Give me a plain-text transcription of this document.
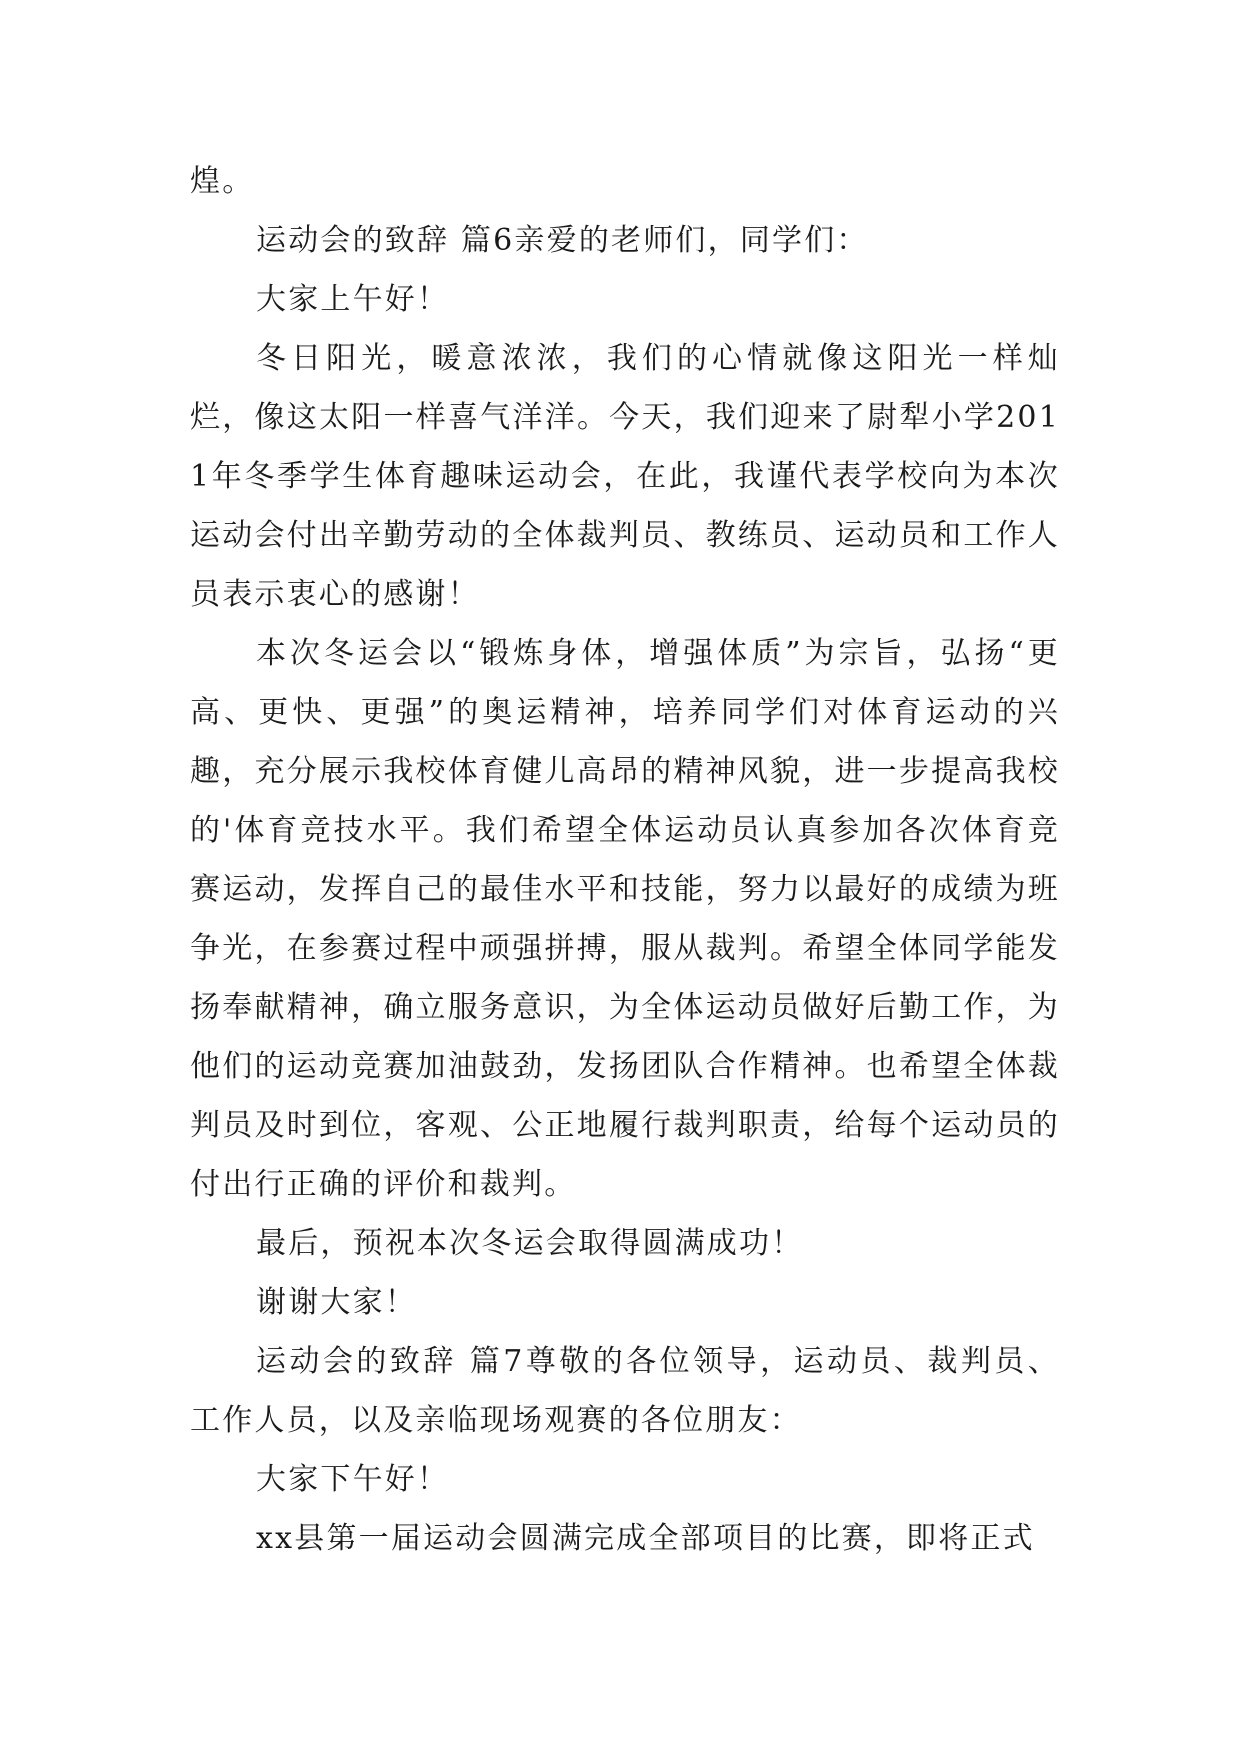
煌。

运动会的致辞 篇6亲爱的老师们，同学们：

大家上午好！

冬日阳光，暖意浓浓，我们的心情就像这阳光一样灿烂，像这太阳一样喜气洋洋。今天，我们迎来了尉犁小学2011年冬季学生体育趣味运动会，在此，我谨代表学校向为本次运动会付出辛勤劳动的全体裁判员、教练员、运动员和工作人员表示衷心的感谢！

本次冬运会以“锻炼身体，增强体质”为宗旨，弘扬“更高、更快、更强”的奥运精神，培养同学们对体育运动的兴趣，充分展示我校体育健儿高昂的精神风貌，进一步提高我校的'体育竞技水平。我们希望全体运动员认真参加各次体育竞赛运动，发挥自己的最佳水平和技能，努力以最好的成绩为班争光，在参赛过程中顽强拼搏，服从裁判。希望全体同学能发扬奉献精神，确立服务意识，为全体运动员做好后勤工作，为他们的运动竞赛加油鼓劲，发扬团队合作精神。也希望全体裁判员及时到位，客观、公正地履行裁判职责，给每个运动员的付出行正确的评价和裁判。

最后，预祝本次冬运会取得圆满成功！

谢谢大家！

运动会的致辞 篇7尊敬的各位领导，运动员、裁判员、工作人员，以及亲临现场观赛的各位朋友：

大家下午好！

xx县第一届运动会圆满完成全部项目的比赛，即将正式
